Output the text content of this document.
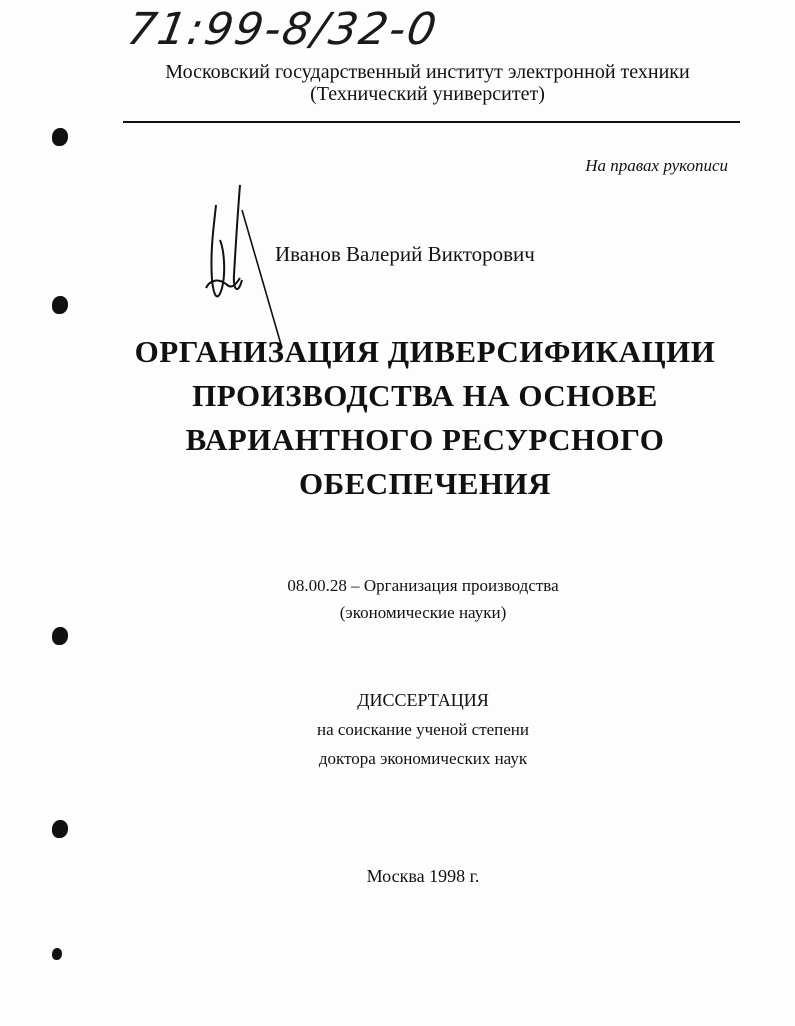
71:99-8/32-0
Московский государственный институт электронной техники
(Технический университет)
На правах рукописи
Иванов Валерий Викторович
ОРГАНИЗАЦИЯ ДИВЕРСИФИКАЦИИ
ПРОИЗВОДСТВА НА ОСНОВЕ
ВАРИАНТНОГО РЕСУРСНОГО
ОБЕСПЕЧЕНИЯ
08.00.28 – Организация производства
(экономические науки)
ДИССЕРТАЦИЯ
на соискание ученой степени
доктора экономических наук
Москва 1998 г.
